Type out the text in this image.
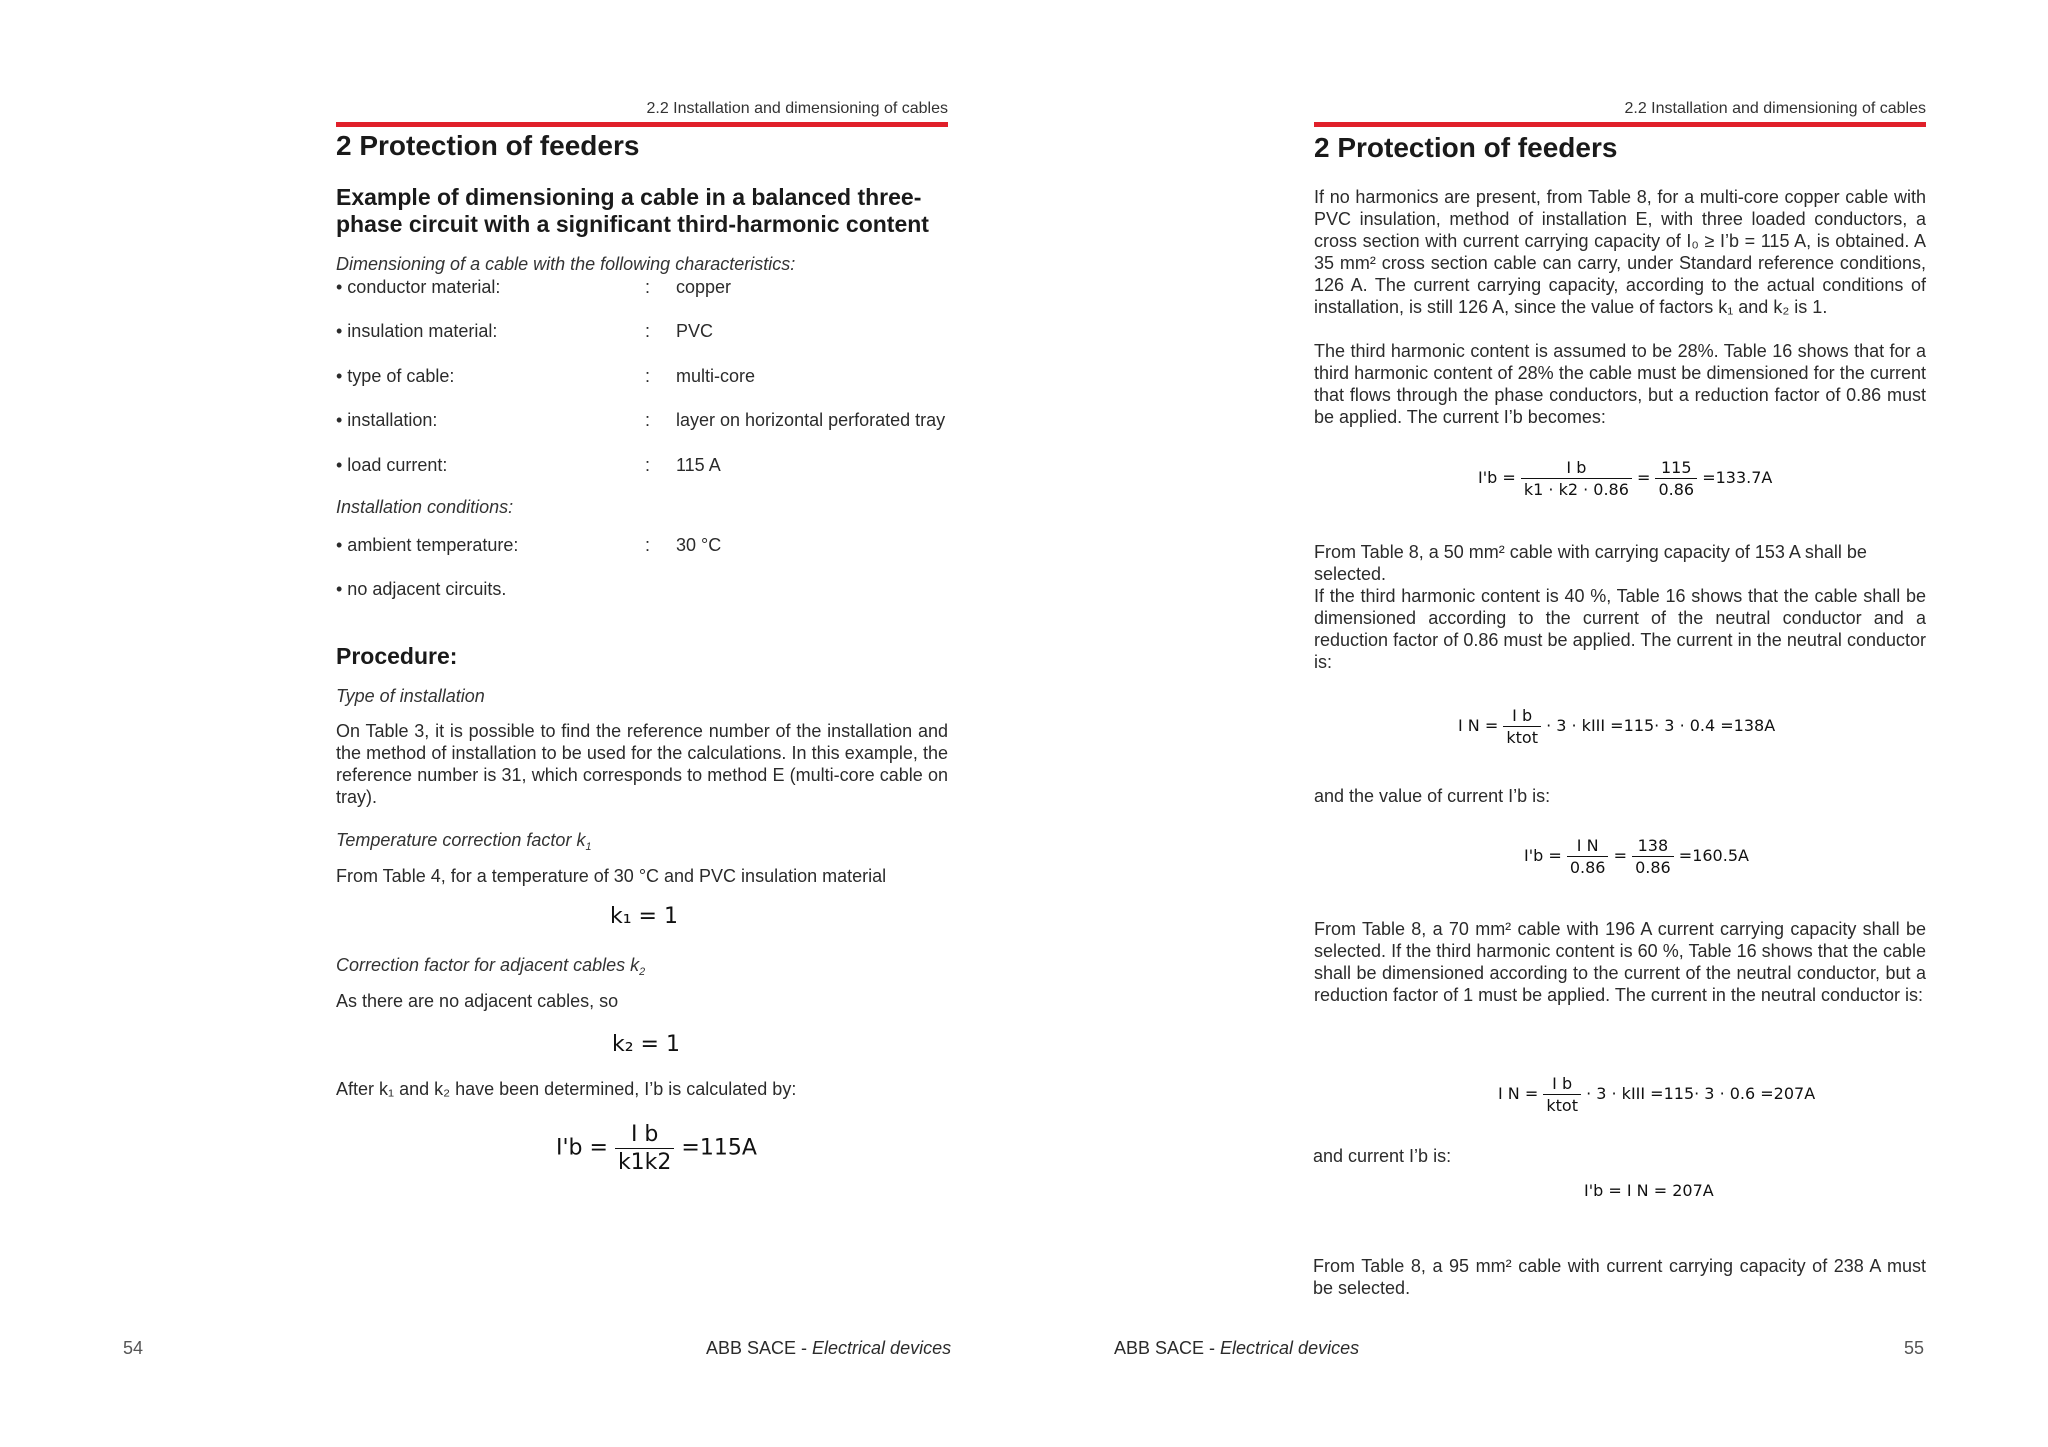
2.2 Installation and dimensioning of cables
2 Protection of feeders
Example of dimensioning a cable in a balanced three-phase circuit with a significant third-harmonic content
Dimensioning of a cable with the following characteristics:
• conductor material:	: copper
• insulation material:	: PVC
• type of cable:	: multi-core
• installation:	: layer on horizontal perforated tray
• load current:	: 115 A
Installation conditions:
• ambient temperature:	: 30 °C
• no adjacent circuits.
Procedure:
Type of installation
On Table 3, it is possible to find the reference number of the installation and the method of installation to be used for the calculations. In this example, the reference number is 31, which corresponds to method E (multi-core cable on tray).
Temperature correction factor $k_1$
From Table 4, for a temperature of 30 °C and PVC insulation material
k₁ = 1
Correction factor for adjacent cables $k_2$
As there are no adjacent cables, so
k₂ = 1
After k₁ and k₂ have been determined, I’b is calculated by:
$I'b = \frac{\text{I b}}{k1k2} =115A$
54	ABB SACE - Electrical devices
2.2 Installation and dimensioning of cables
2 Protection of feeders
If no harmonics are present, from Table 8, for a multi-core copper cable with PVC insulation, method of installation E, with three loaded conductors, a cross section with current carrying capacity of I₀ ≥ I’b = 115 A, is obtained. A 35 mm² cross section cable can carry, under Standard reference conditions, 126 A. The current carrying capacity, according to the actual conditions of installation, is still 126 A, since the value of factors k₁ and k₂ is 1.
The third harmonic content is assumed to be 28%. Table 16 shows that for a third harmonic content of 28% the cable must be dimensioned for the current that flows through the phase conductors, but a reduction factor of 0.86 must be applied. The current I’b becomes:
$I'b = \frac{\text{I b}}{k1 \cdot k2 \cdot 0.86} = \frac{115}{0.86} =133.7A$
From Table 8, a 50 mm² cable with carrying capacity of 153 A shall be selected.
If the third harmonic content is 40 %, Table 16 shows that the cable shall be dimensioned according to the current of the neutral conductor and a reduction factor of 0.86 must be applied. The current in the neutral conductor is:
I $N = \frac{\text{I b}}{\text{ktot}} \cdot 3$ · kIII =115· 3 · 0.4 =138A
and the value of current I’b is:
$I'b = \frac{\text{I N}}{0.86} = \frac{138}{0.86} =160.5A$
From Table 8, a 70 mm² cable with 196 A current carrying capacity shall be selected. If the third harmonic content is 60 %, Table 16 shows that the cable shall be dimensioned according to the current of the neutral conductor, but a reduction factor of 1 must be applied. The current in the neutral conductor is:
I $N = \frac{\text{I b}}{\text{ktot}} \cdot 3$ · kIII =115· 3 · 0.6 =207A
and current I’b is:
I'b = I N = 207A
From Table 8, a 95 mm² cable with current carrying capacity of 238 A must be selected.
ABB SACE - Electrical devices	55
